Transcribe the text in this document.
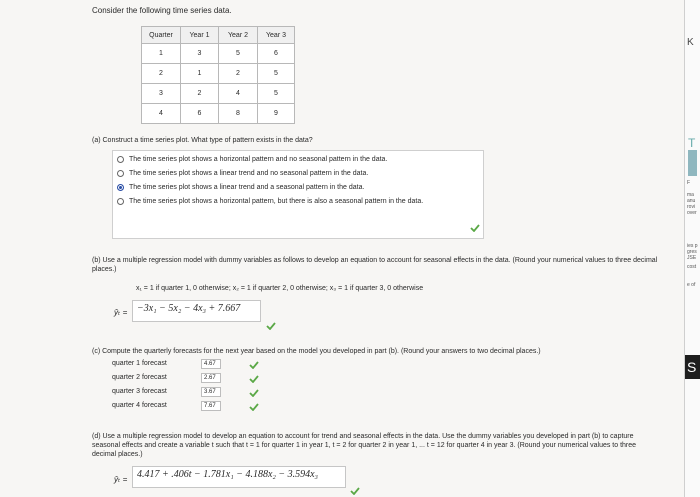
Consider the following time series data.
Quarter	Year 1	Year 2	Year 3
1	3	5	6
2	1	2	5
3	2	4	5
4	6	8	9
(a) Construct a time series plot. What type of pattern exists in the data?
The time series plot shows a horizontal pattern and no seasonal pattern in the data.
The time series plot shows a linear trend and no seasonal pattern in the data.
The time series plot shows a linear trend and a seasonal pattern in the data.
The time series plot shows a horizontal pattern, but there is also a seasonal pattern in the data.
(b) Use a multiple regression model with dummy variables as follows to develop an equation to account for seasonal effects in the data. (Round your numerical values to three decimal places.)
x₁ = 1 if quarter 1, 0 otherwise; x₂ = 1 if quarter 2, 0 otherwise; x₃ = 1 if quarter 3, 0 otherwise
ŷₜ = −3x₁ − 5x₂ − 4x₃ + 7.667
(c) Compute the quarterly forecasts for the next year based on the model you developed in part (b). (Round your answers to two decimal places.)
quarter 1 forecast	4.67
quarter 2 forecast	2.67
quarter 3 forecast	3.67
quarter 4 forecast	7.67
(d) Use a multiple regression model to develop an equation to account for trend and seasonal effects in the data. Use the dummy variables you developed in part (b) to capture seasonal effects and create a variable t such that t = 1 for quarter 1 in year 1, t = 2 for quarter 2 in year 1, ... t = 12 for quarter 4 in year 3. (Round your numerical values to three decimal places.)
ŷₜ = 4.417 + .406t − 1.781x₁ − 4.188x₂ − 3.594x₃
K
T
F
ma
anu
rovi
over
ies p
gres
JSE
cost
e of
S
